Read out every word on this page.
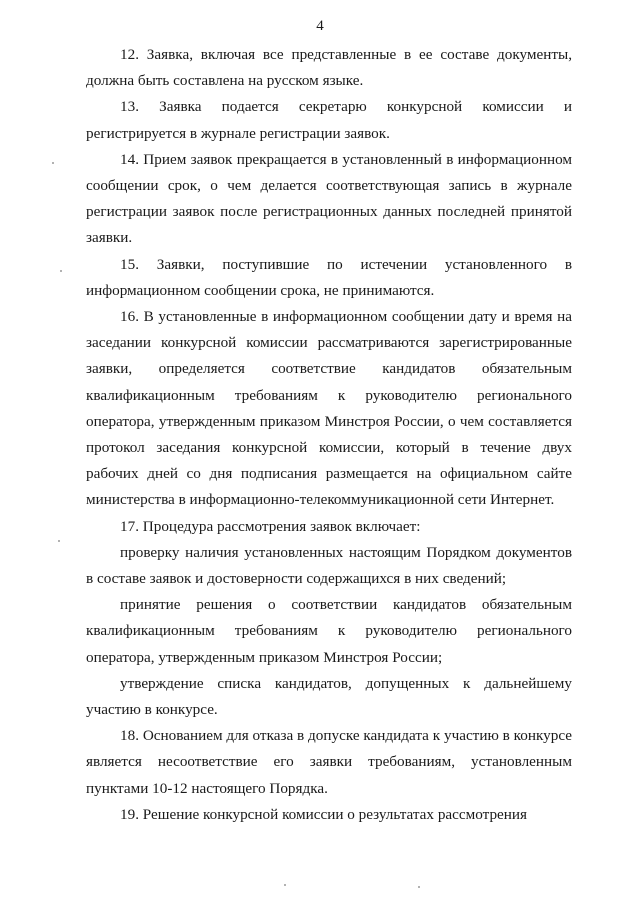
4

12. Заявка, включая все представленные в ее составе документы, должна быть составлена на русском языке.

13. Заявка подается секретарю конкурсной комиссии и регистрируется в журнале регистрации заявок.

14. Прием заявок прекращается в установленный в информационном сообщении срок, о чем делается соответствующая запись в журнале регистрации заявок после регистрационных данных последней принятой заявки.

15. Заявки, поступившие по истечении установленного в информационном сообщении срока, не принимаются.

16. В установленные в информационном сообщении дату и время на заседании конкурсной комиссии рассматриваются зарегистрированные заявки, определяется соответствие кандидатов обязательным квалификационным требованиям к руководителю регионального оператора, утвержденным приказом Минстроя России, о чем составляется протокол заседания конкурсной комиссии, который в течение двух рабочих дней со дня подписания размещается на официальном сайте министерства в информационно-телекоммуникационной сети Интернет.

17. Процедура рассмотрения заявок включает:

проверку наличия установленных настоящим Порядком документов в составе заявок и достоверности содержащихся в них сведений;

принятие решения о соответствии кандидатов обязательным квалификационным требованиям к руководителю регионального оператора, утвержденным приказом Минстроя России;

утверждение списка кандидатов, допущенных к дальнейшему участию в конкурсе.

18. Основанием для отказа в допуске кандидата к участию в конкурсе является несоответствие его заявки требованиям, установленным пунктами 10-12 настоящего Порядка.

19. Решение конкурсной комиссии о результатах рассмотрения
